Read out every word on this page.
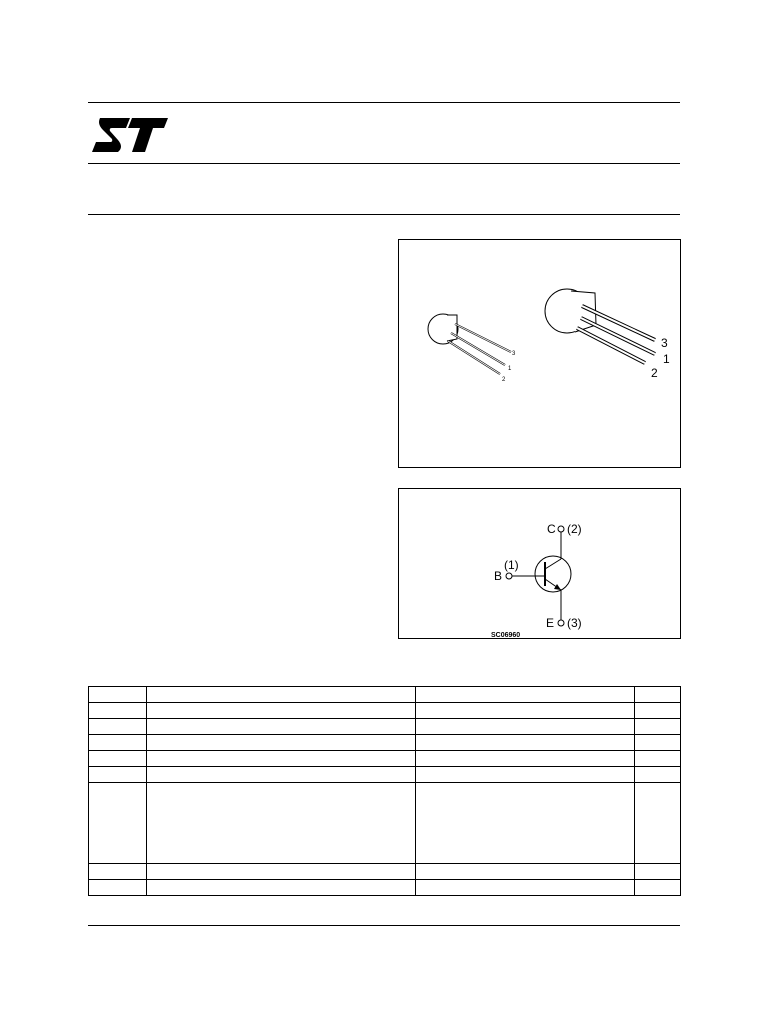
3
1
2
3
1
2
C (2)
(1)
B
E (3)
SC06960
